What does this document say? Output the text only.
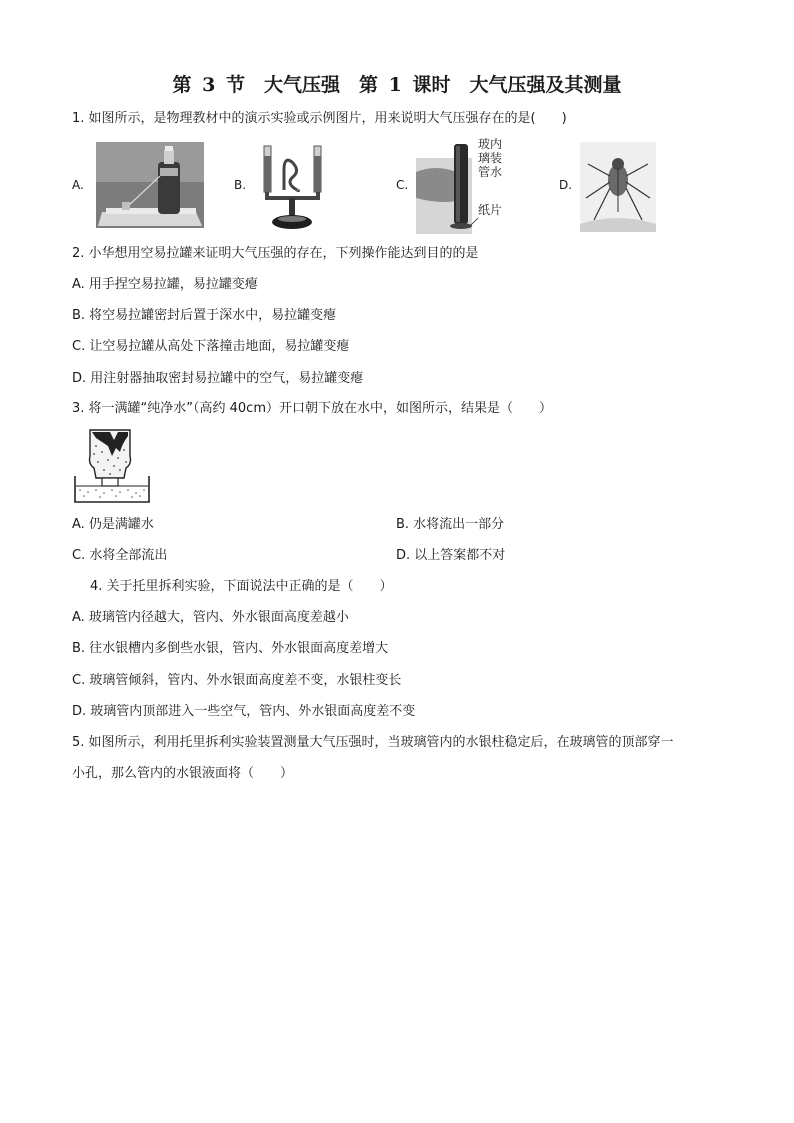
第 3 节　大气压强　第 1 课时　大气压强及其测量
1. 如图所示，是物理教材中的演示实验或示例图片，用来说明大气压强存在的是(　　)
A.	B.	C.
玻内
璃装
管水
纸片
D.
2. 小华想用空易拉罐来证明大气压强的存在，下列操作能达到目的的是
A. 用手捏空易拉罐，易拉罐变瘪
B. 将空易拉罐密封后置于深水中，易拉罐变瘪
C. 让空易拉罐从高处下落撞击地面，易拉罐变瘪
D. 用注射器抽取密封易拉罐中的空气，易拉罐变瘪
3. 将一满罐“纯净水”（高约 40cm）开口朝下放在水中，如图所示，结果是（　　）
A. 仍是满罐水	B. 水将流出一部分
C. 水将全部流出	D. 以上答案都不对
4. 关于托里拆利实验，下面说法中正确的是（　　）
A. 玻璃管内径越大，管内、外水银面高度差越小
B. 往水银槽内多倒些水银，管内、外水银面高度差增大
C. 玻璃管倾斜，管内、外水银面高度差不变，水银柱变长
D. 玻璃管内顶部进入一些空气，管内、外水银面高度差不变
5. 如图所示，利用托里拆利实验装置测量大气压强时，当玻璃管内的水银柱稳定后，在玻璃管的顶部穿一
小孔，那么管内的水银液面将（　　）
